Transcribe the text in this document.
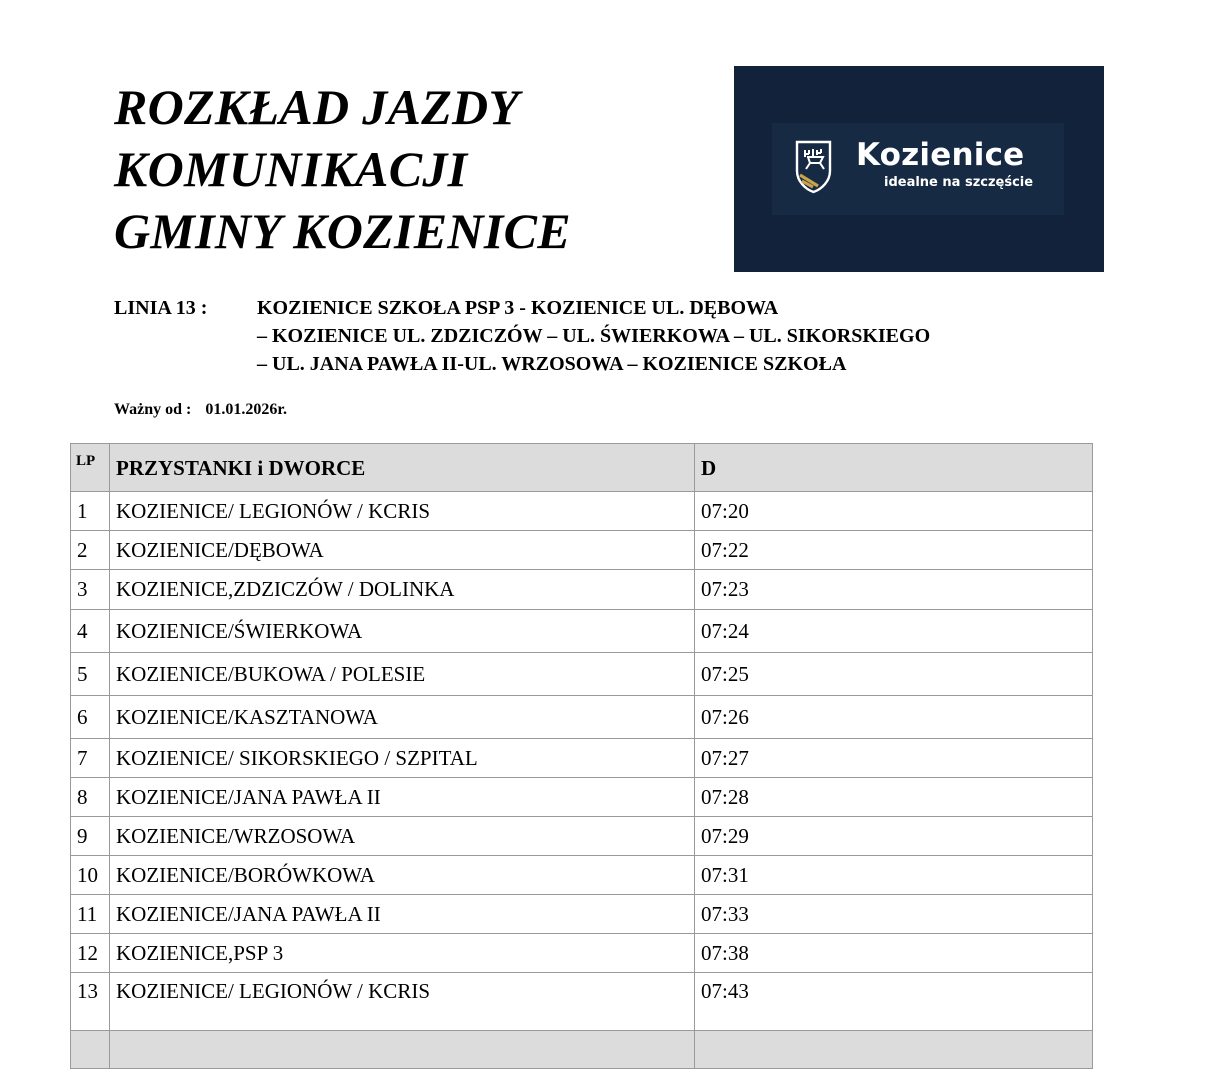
ROZKŁAD JAZDY
KOMUNIKACJI
GMINY KOZIENICE
Kozienice
idealne na szczęście
LINIA 13 : KOZIENICE SZKOŁA PSP 3 - KOZIENICE UL. DĘBOWA
– KOZIENICE UL. ZDZICZÓW – UL. ŚWIERKOWA – UL. SIKORSKIEGO
– UL. JANA PAWŁA II-UL. WRZOSOWA – KOZIENICE SZKOŁA
Ważny od : 01.01.2026r.
LP	PRZYSTANKI i DWORCE	D
1	KOZIENICE/ LEGIONÓW / KCRIS	07:20
2	KOZIENICE/DĘBOWA	07:22
3	KOZIENICE,ZDZICZÓW / DOLINKA	07:23
4	KOZIENICE/ŚWIERKOWA	07:24
5	KOZIENICE/BUKOWA / POLESIE	07:25
6	KOZIENICE/KASZTANOWA	07:26
7	KOZIENICE/ SIKORSKIEGO / SZPITAL	07:27
8	KOZIENICE/JANA PAWŁA II	07:28
9	KOZIENICE/WRZOSOWA	07:29
10	KOZIENICE/BORÓWKOWA	07:31
11	KOZIENICE/JANA PAWŁA II	07:33
12	KOZIENICE,PSP 3	07:38
13	KOZIENICE/ LEGIONÓW / KCRIS	07:43
